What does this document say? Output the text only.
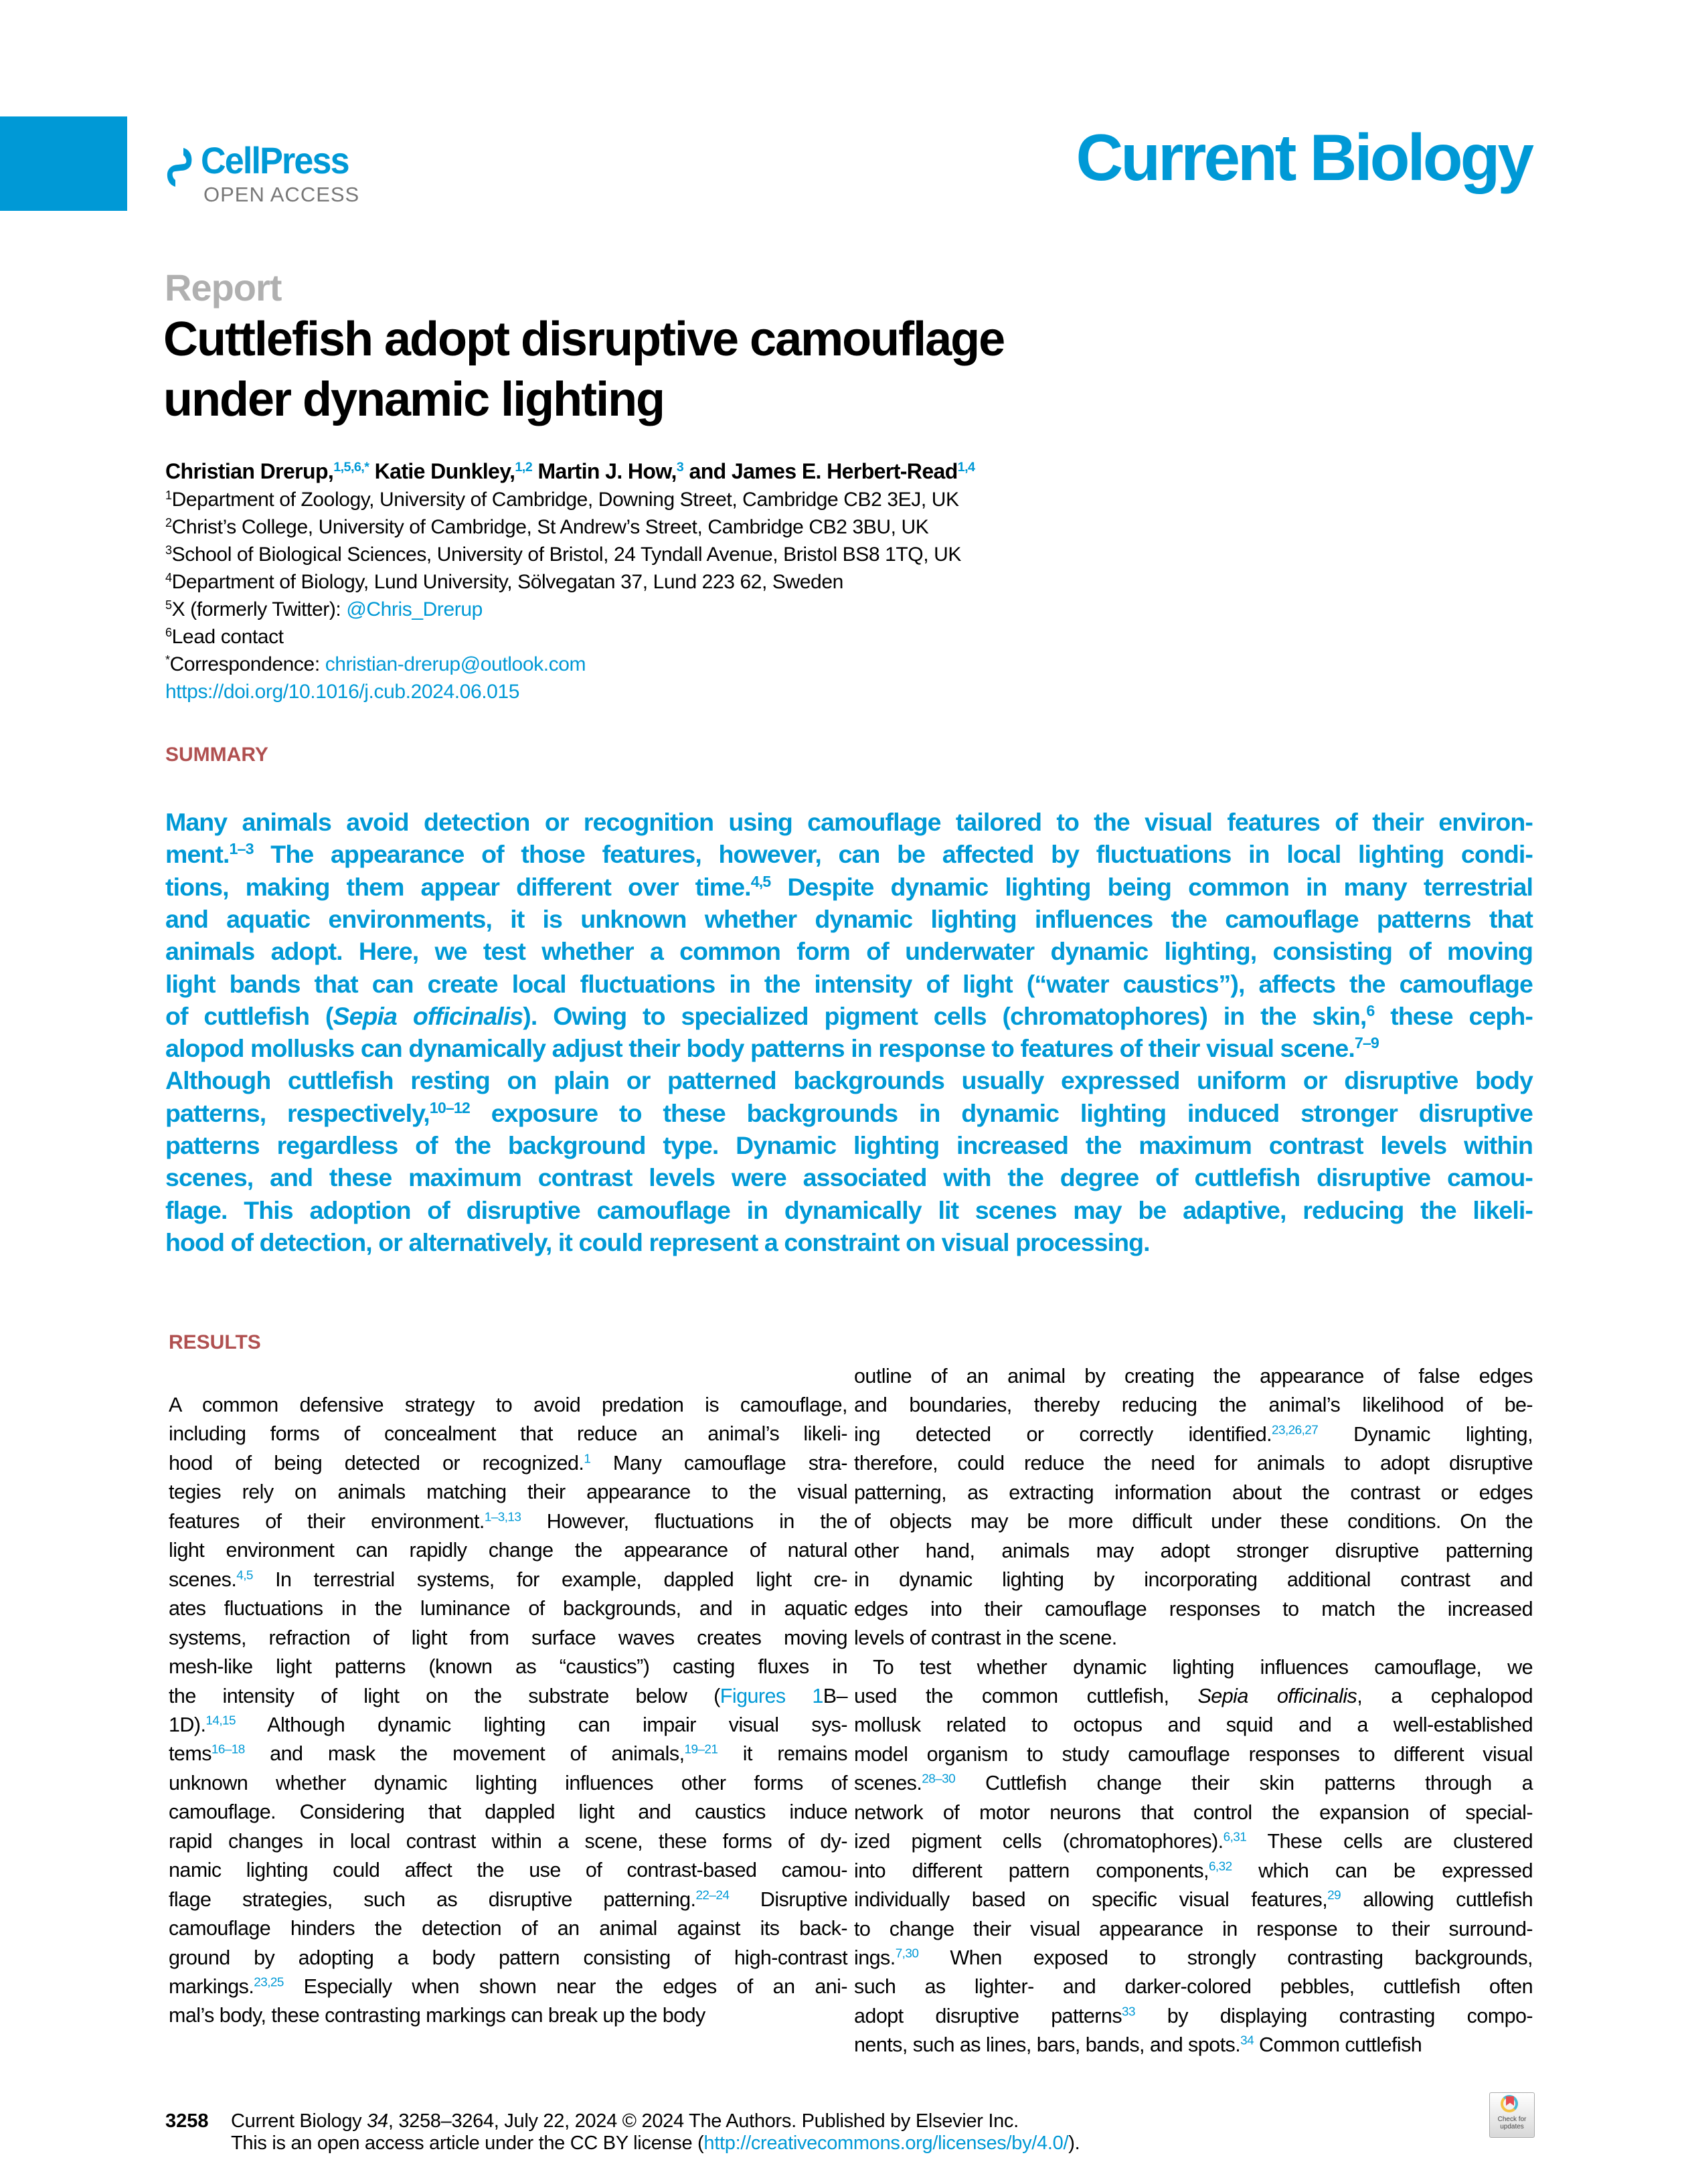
CellPress
OPEN ACCESS
Current Biology
Report
Cuttlefish adopt disruptive camouflage
under dynamic lighting
Christian Drerup,$^{1,5,6,*}$ Katie Dunkley,$^{1,2}$ Martin J. How,$^3$ and James E. Herbert-Read$^{1,4}$
$^1$Department of Zoology, University of Cambridge, Downing Street, Cambridge CB2 3EJ, UK
$^2$Christ’s College, University of Cambridge, St Andrew’s Street, Cambridge CB2 3BU, UK
$^3$School of Biological Sciences, University of Bristol, 24 Tyndall Avenue, Bristol BS8 1TQ, UK
$^4$Department of Biology, Lund University, Sölvegatan 37, Lund 223 62, Sweden
$^5$X (formerly Twitter): @Chris_Drerup
$^6$Lead contact
*Correspondence: christian-drerup@outlook.com
https://doi.org/10.1016/j.cub.2024.06.015
SUMMARY
Many animals avoid detection or recognition using camouflage tailored to the visual features of their environ-
ment.$^{1-3}$ The appearance of those features, however, can be affected by fluctuations in local lighting condi-
tions, making them appear different over time.$^{4,5}$ Despite dynamic lighting being common in many terrestrial
and aquatic environments, it is unknown whether dynamic lighting influences the camouflage patterns that
animals adopt. Here, we test whether a common form of underwater dynamic lighting, consisting of moving
light bands that can create local fluctuations in the intensity of light (“water caustics”), affects the camouflage
of cuttlefish (Sepia officinalis). Owing to specialized pigment cells (chromatophores) in the skin,$^6$ these ceph-
alopod mollusks can dynamically adjust their body patterns in response to features of their visual scene.$^{7-9}$
Although cuttlefish resting on plain or patterned backgrounds usually expressed uniform or disruptive body
patterns, respectively,$^{10-12}$ exposure to these backgrounds in dynamic lighting induced stronger disruptive
patterns regardless of the background type. Dynamic lighting increased the maximum contrast levels within
scenes, and these maximum contrast levels were associated with the degree of cuttlefish disruptive camou-
flage. This adoption of disruptive camouflage in dynamically lit scenes may be adaptive, reducing the likeli-
hood of detection, or alternatively, it could represent a constraint on visual processing.
RESULTS
A common defensive strategy to avoid predation is camouflage,
including forms of concealment that reduce an animal’s likeli-
hood of being detected or recognized.$^1$ Many camouflage stra-
tegies rely on animals matching their appearance to the visual
features of their environment.$^{1-3,13}$ However, fluctuations in the
light environment can rapidly change the appearance of natural
scenes.$^{4,5}$ In terrestrial systems, for example, dappled light cre-
ates fluctuations in the luminance of backgrounds, and in aquatic
systems, refraction of light from surface waves creates moving
mesh-like light patterns (known as “caustics”) casting fluxes in
the intensity of light on the substrate below (Figures 1B–
1D).$^{14,15}$ Although dynamic lighting can impair visual sys-
tems$^{16-18}$ and mask the movement of animals,$^{19-21}$ it remains
unknown whether dynamic lighting influences other forms of
camouflage. Considering that dappled light and caustics induce
rapid changes in local contrast within a scene, these forms of dy-
namic lighting could affect the use of contrast-based camou-
flage strategies, such as disruptive patterning.$^{22-24}$ Disruptive
camouflage hinders the detection of an animal against its back-
ground by adopting a body pattern consisting of high-contrast
markings.$^{23,25}$ Especially when shown near the edges of an ani-
mal’s body, these contrasting markings can break up the body
outline of an animal by creating the appearance of false edges
and boundaries, thereby reducing the animal’s likelihood of be-
ing detected or correctly identified.$^{23,26,27}$ Dynamic lighting,
therefore, could reduce the need for animals to adopt disruptive
patterning, as extracting information about the contrast or edges
of objects may be more difficult under these conditions. On the
other hand, animals may adopt stronger disruptive patterning
in dynamic lighting by incorporating additional contrast and
edges into their camouflage responses to match the increased
levels of contrast in the scene.
To test whether dynamic lighting influences camouflage, we
used the common cuttlefish, Sepia officinalis, a cephalopod
mollusk related to octopus and squid and a well-established
model organism to study camouflage responses to different visual
scenes.$^{28-30}$ Cuttlefish change their skin patterns through a
network of motor neurons that control the expansion of special-
ized pigment cells (chromatophores).$^{6,31}$ These cells are clustered
into different pattern components,$^{6,32}$ which can be expressed
individually based on specific visual features,$^{29}$ allowing cuttlefish
to change their visual appearance in response to their surround-
ings.$^{7,30}$ When exposed to strongly contrasting backgrounds,
such as lighter- and darker-colored pebbles, cuttlefish often
adopt disruptive patterns$^{33}$ by displaying contrasting compo-
nents, such as lines, bars, bands, and spots.$^{34}$ Common cuttlefish
3258 Current Biology 34, 3258–3264, July 22, 2024 © 2024 The Authors. Published by Elsevier Inc.
This is an open access article under the CC BY license (http://creativecommons.org/licenses/by/4.0/).
Check for updates
